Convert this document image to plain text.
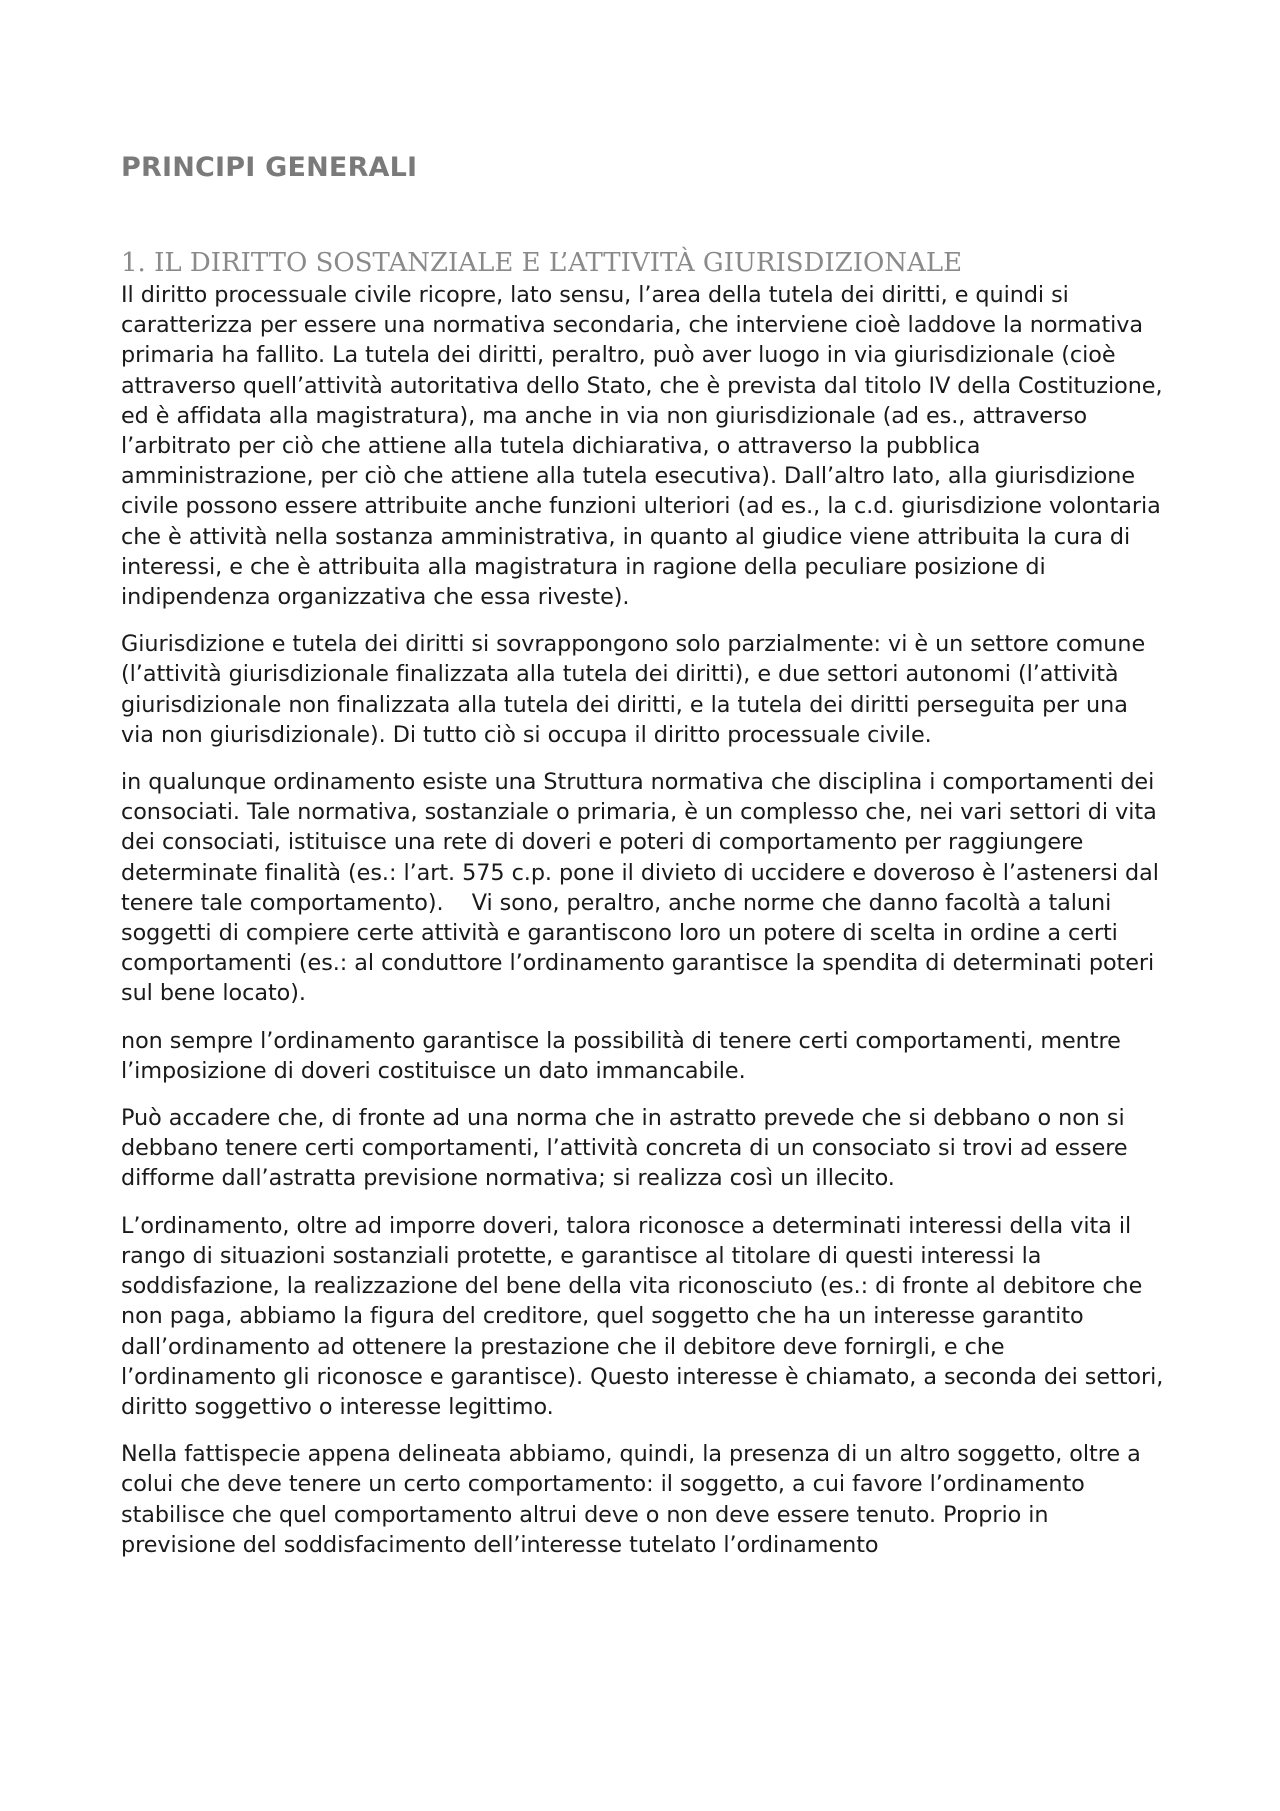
PRINCIPI GENERALI
1. IL DIRITTO SOSTANZIALE E L’ATTIVITÀ GIURISDIZIONALE

Il diritto processuale civile ricopre, lato sensu, l’area della tutela dei diritti, e quindi si caratterizza per essere una normativa secondaria, che interviene cioè laddove la normativa primaria ha fallito. La tutela dei diritti, peraltro, può aver luogo in via giurisdizionale (cioè attraverso quell’attività autoritativa dello Stato, che è prevista dal titolo IV della Costituzione, ed è affidata alla magistratura), ma anche in via non giurisdizionale (ad es., attraverso l’arbitrato per ciò che attiene alla tutela dichiarativa, o attraverso la pubblica amministrazione, per ciò che attiene alla tutela esecutiva). Dall’altro lato, alla giurisdizione civile possono essere attribuite anche funzioni ulteriori (ad es., la c.d. giurisdizione volontaria che è attività nella sostanza amministrativa, in quanto al giudice viene attribuita la cura di interessi, e che è attribuita alla magistratura in ragione della peculiare posizione di indipendenza organizzativa che essa riveste).

Giurisdizione e tutela dei diritti si sovrappongono solo parzialmente: vi è un settore comune (l’attività giurisdizionale finalizzata alla tutela dei diritti), e due settori autonomi (l’attività giurisdizionale non finalizzata alla tutela dei diritti, e la tutela dei diritti perseguita per una via non giurisdizionale). Di tutto ciò si occupa il diritto processuale civile.

in qualunque ordinamento esiste una Struttura normativa che disciplina i comportamenti dei consociati. Tale normativa, sostanziale o primaria, è un complesso che, nei vari settori di vita dei consociati, istituisce una rete di doveri e poteri di comportamento per raggiungere determinate finalità (es.: l’art. 575 c.p. pone il divieto di uccidere e doveroso è l’astenersi dal tenere tale comportamento).    Vi sono, peraltro, anche norme che danno facoltà a taluni soggetti di compiere certe attività e garantiscono loro un potere di scelta in ordine a certi comportamenti (es.: al conduttore l’ordinamento garantisce la spendita di determinati poteri sul bene locato).

non sempre l’ordinamento garantisce la possibilità di tenere certi comportamenti, mentre l’imposizione di doveri costituisce un dato immancabile.

Può accadere che, di fronte ad una norma che in astratto prevede che si debbano o non si debbano tenere certi comportamenti, l’attività concreta di un consociato si trovi ad essere difforme dall’astratta previsione normativa; si realizza così un illecito.

L’ordinamento, oltre ad imporre doveri, talora riconosce a determinati interessi della vita il rango di situazioni sostanziali protette, e garantisce al titolare di questi interessi la soddisfazione, la realizzazione del bene della vita riconosciuto (es.: di fronte al debitore che non paga, abbiamo la figura del creditore, quel soggetto che ha un interesse garantito dall’ordinamento ad ottenere la prestazione che il debitore deve fornirgli, e che l’ordinamento gli riconosce e garantisce). Questo interesse è chiamato, a seconda dei settori, diritto soggettivo o interesse legittimo.

Nella fattispecie appena delineata abbiamo, quindi, la presenza di un altro soggetto, oltre a colui che deve tenere un certo comportamento: il soggetto, a cui favore l’ordinamento stabilisce che quel comportamento altrui deve o non deve essere tenuto. Proprio in previsione del soddisfacimento dell’interesse tutelato l’ordinamento
